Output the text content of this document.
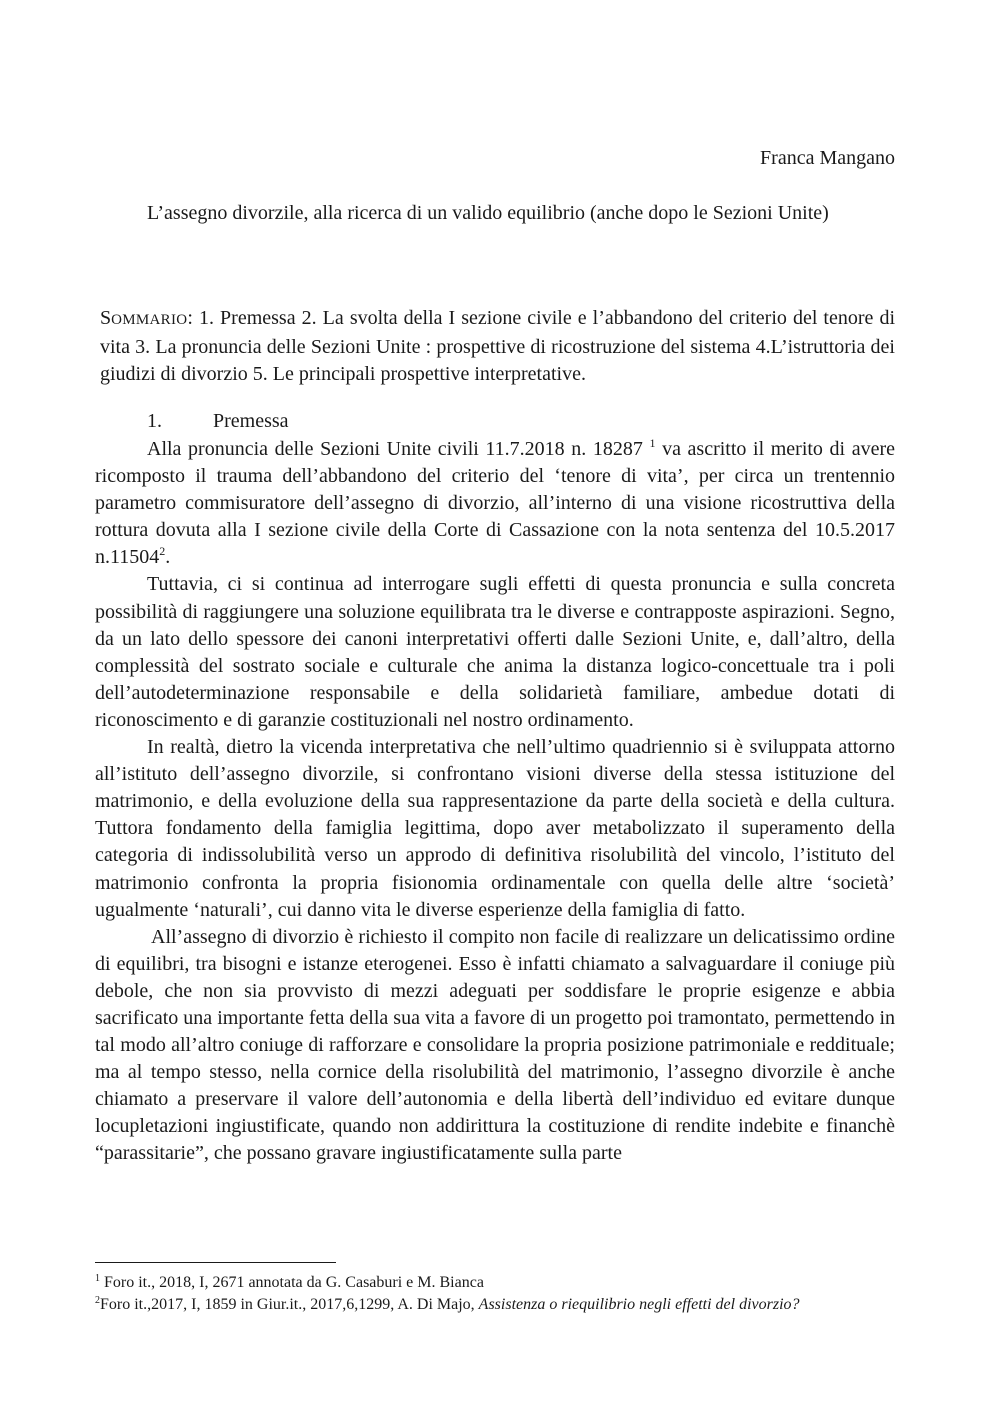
Franca Mangano
L’assegno divorzile, alla ricerca di un valido equilibrio (anche dopo le Sezioni Unite)
SOMMARIO: 1. Premessa 2. La svolta della I sezione civile e l’abbandono del criterio del tenore di vita 3. La pronuncia delle Sezioni Unite : prospettive di ricostruzione del sistema 4.L’istruttoria dei giudizi di divorzio 5. Le principali prospettive interpretative.
1.	Premessa

Alla pronuncia delle Sezioni Unite civili 11.7.2018 n. 18287 $^1$ va ascritto il merito di avere ricomposto il trauma dell’abbandono del criterio del ‘tenore di vita’, per circa un trentennio parametro commisuratore dell’assegno di divorzio, all’interno di una visione ricostruttiva della rottura dovuta alla I sezione civile della Corte di Cassazione con la nota sentenza del 10.5.2017 n.11504$^2$.

Tuttavia, ci si continua ad interrogare sugli effetti di questa pronuncia e sulla concreta possibilità di raggiungere una soluzione equilibrata tra le diverse e contrapposte aspirazioni. Segno, da un lato dello spessore dei canoni interpretativi offerti dalle Sezioni Unite, e, dall’altro, della complessità del sostrato sociale e culturale che anima la distanza logico-concettuale tra i poli dell’autodeterminazione responsabile e della solidarietà familiare, ambedue dotati di riconoscimento e di garanzie costituzionali nel nostro ordinamento.

In realtà, dietro la vicenda interpretativa che nell’ultimo quadriennio si è sviluppata attorno all’istituto dell’assegno divorzile, si confrontano visioni diverse della stessa istituzione del matrimonio, e della evoluzione della sua rappresentazione da parte della società e della cultura. Tuttora fondamento della famiglia legittima, dopo aver metabolizzato il superamento della categoria di indissolubilità verso un approdo di definitiva risolubilità del vincolo, l’istituto del matrimonio confronta la propria fisionomia ordinamentale con quella delle altre ‘società’ ugualmente ‘naturali’, cui danno vita le diverse esperienze della famiglia di fatto.

All’assegno di divorzio è richiesto il compito non facile di realizzare un delicatissimo ordine di equilibri, tra bisogni e istanze eterogenei. Esso è infatti chiamato a salvaguardare il coniuge più debole, che non sia provvisto di mezzi adeguati per soddisfare le proprie esigenze e abbia sacrificato una importante fetta della sua vita a favore di un progetto poi tramontato, permettendo in tal modo all’altro coniuge di rafforzare e consolidare la propria posizione patrimoniale e reddituale; ma al tempo stesso, nella cornice della risolubilità del matrimonio, l’assegno divorzile è anche chiamato a preservare il valore dell’autonomia e della libertà dell’individuo ed evitare dunque locupletazioni ingiustificate, quando non addirittura la costituzione di rendite indebite e financhè “parassitarie”, che possano gravare ingiustificatamente sulla parte

$^1$ Foro it., 2018, I, 2671 annotata da G. Casaburi e M. Bianca
$^2$Foro it.,2017, I, 1859 in Giur.it., 2017,6,1299, A. Di Majo, Assistenza o riequilibrio negli effetti del divorzio?
